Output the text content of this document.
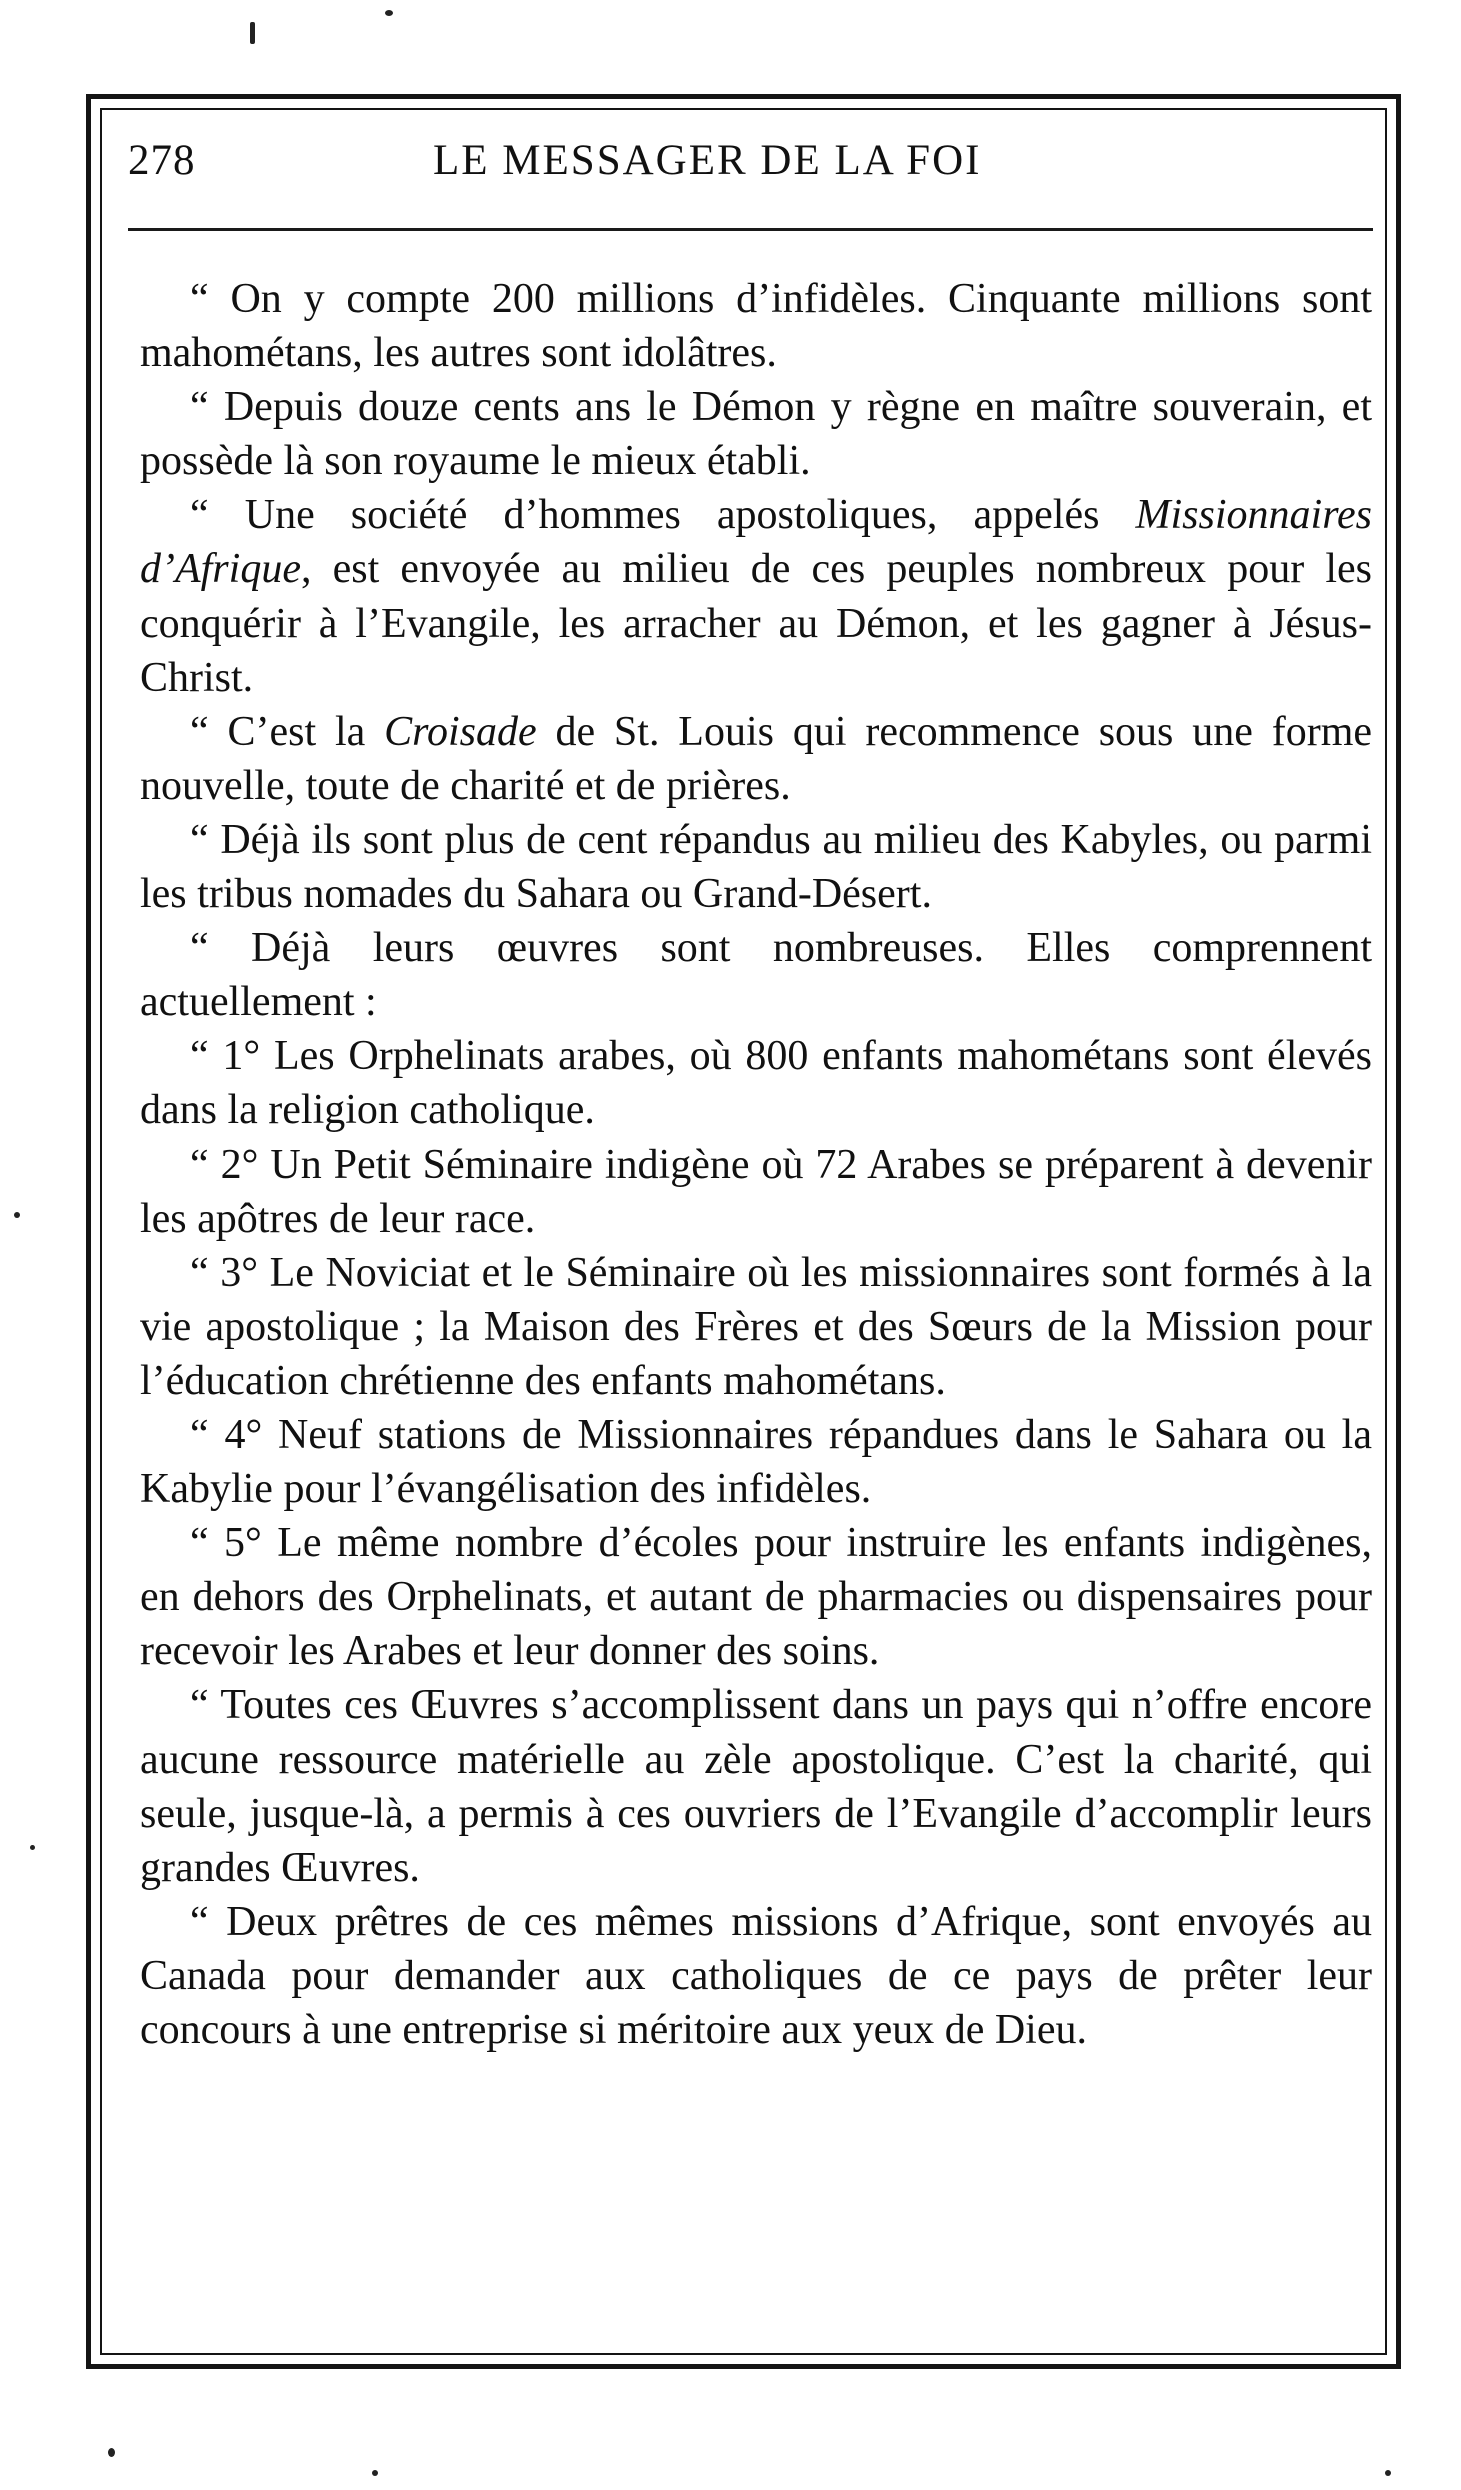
278	LE MESSAGER DE LA FOI

“ On y compte 200 millions d’infidèles. Cinquante millions sont mahométans, les autres sont idolâtres.

“ Depuis douze cents ans le Démon y règne en maître souverain, et possède là son royaume le mieux établi.

“ Une société d’hommes apostoliques, appelés Missionnaires d’Afrique, est envoyée au milieu de ces peuples nombreux pour les conquérir à l’Evangile, les arracher au Démon, et les gagner à Jésus-Christ.

“ C’est la Croisade de St. Louis qui recommence sous une forme nouvelle, toute de charité et de prières.

“ Déjà ils sont plus de cent répandus au milieu des Kabyles, ou parmi les tribus nomades du Sahara ou Grand-Désert.

“ Déjà leurs œuvres sont nombreuses. Elles comprennent actuellement :

“ 1° Les Orphelinats arabes, où 800 enfants mahométans sont élevés dans la religion catholique.

“ 2° Un Petit Séminaire indigène où 72 Arabes se préparent à devenir les apôtres de leur race.

“ 3° Le Noviciat et le Séminaire où les missionnaires sont formés à la vie apostolique ; la Maison des Frères et des Sœurs de la Mission pour l’éducation chrétienne des enfants mahométans.

“ 4° Neuf stations de Missionnaires répandues dans le Sahara ou la Kabylie pour l’évangélisation des infidèles.

“ 5° Le même nombre d’écoles pour instruire les enfants indigènes, en dehors des Orphelinats, et autant de pharmacies ou dispensaires pour recevoir les Arabes et leur donner des soins.

“ Toutes ces Œuvres s’accomplissent dans un pays qui n’offre encore aucune ressource matérielle au zèle apostolique. C’est la charité, qui seule, jusque-là, a permis à ces ouvriers de l’Evangile d’accomplir leurs grandes Œuvres.

“ Deux prêtres de ces mêmes missions d’Afrique, sont envoyés au Canada pour demander aux catholiques de ce pays de prêter leur concours à une entreprise si méritoire aux yeux de Dieu.
